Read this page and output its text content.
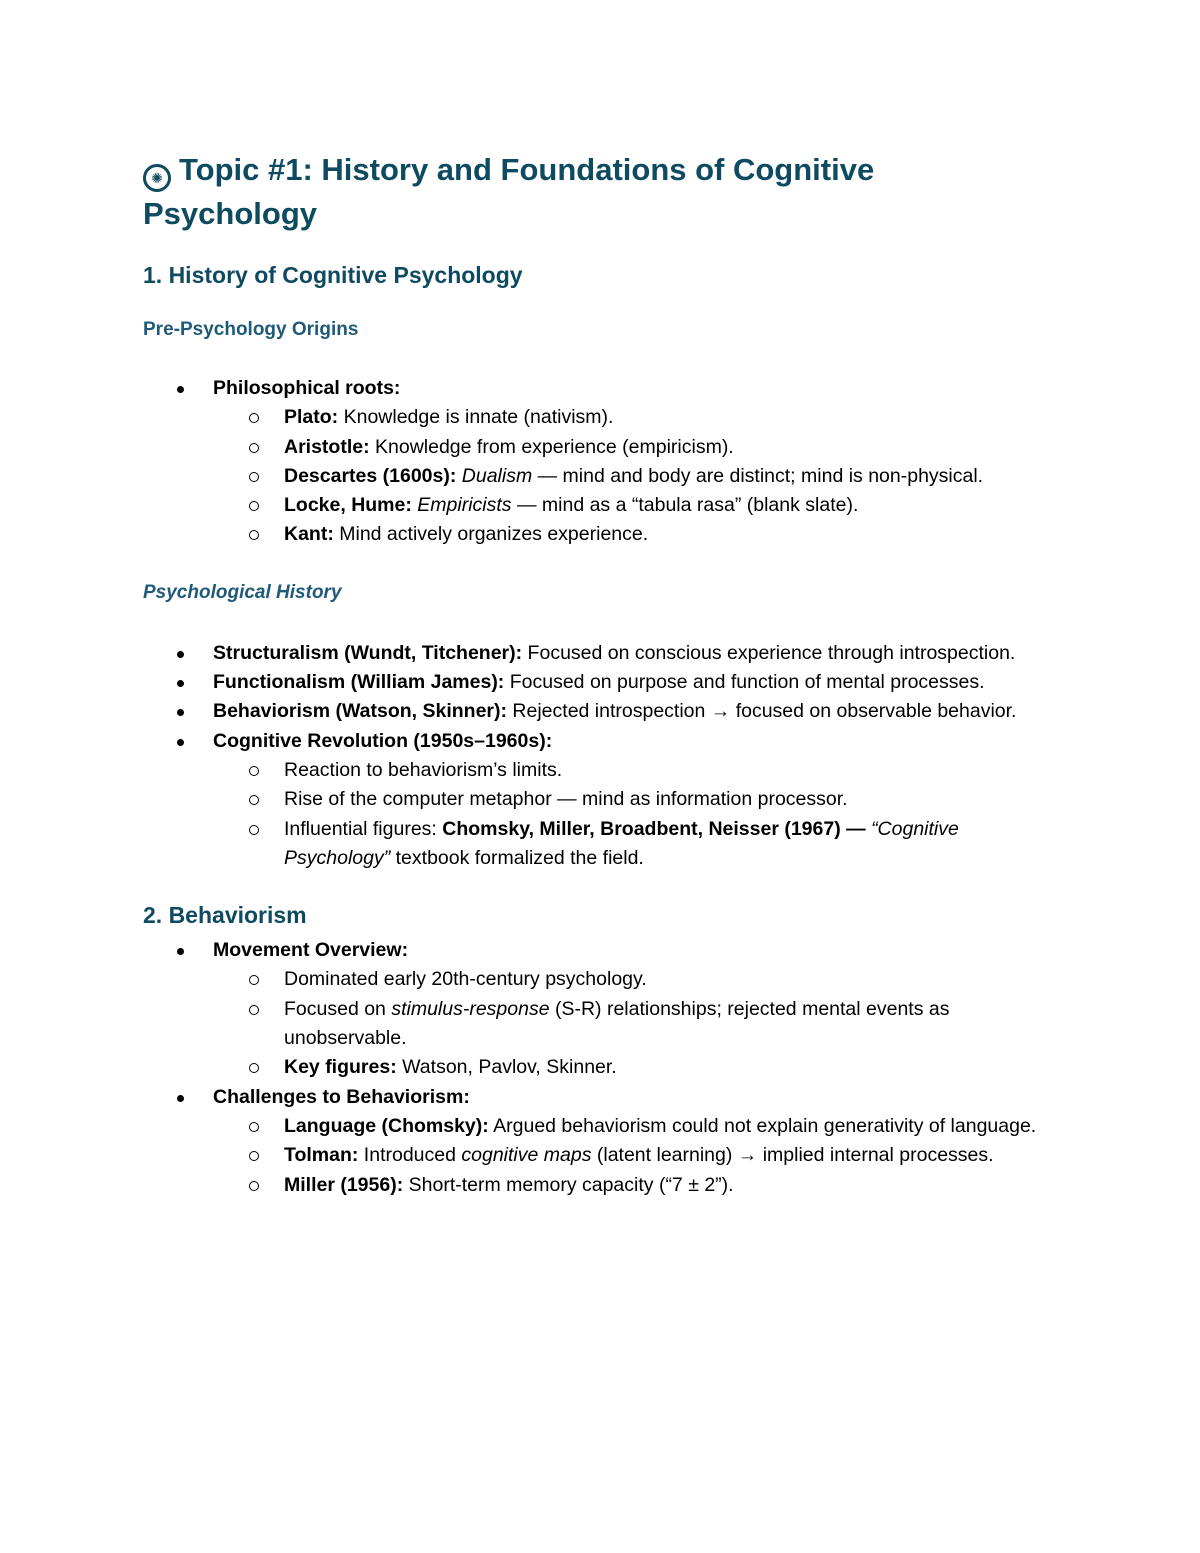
✺ Topic #1: History and Foundations of Cognitive
Psychology
1. History of Cognitive Psychology
Pre-Psychology Origins
Philosophical roots:
Plato: Knowledge is innate (nativism).
Aristotle: Knowledge from experience (empiricism).
Descartes (1600s): Dualism — mind and body are distinct; mind is non-physical.
Locke, Hume: Empiricists — mind as a “tabula rasa” (blank slate).
Kant: Mind actively organizes experience.
Psychological History
Structuralism (Wundt, Titchener): Focused on conscious experience through introspection.
Functionalism (William James): Focused on purpose and function of mental processes.
Behaviorism (Watson, Skinner): Rejected introspection → focused on observable behavior.
Cognitive Revolution (1950s–1960s):
Reaction to behaviorism’s limits.
Rise of the computer metaphor — mind as information processor.
Influential figures: Chomsky, Miller, Broadbent, Neisser (1967) — “Cognitive Psychology” textbook formalized the field.
2. Behaviorism
Movement Overview:
Dominated early 20th-century psychology.
Focused on stimulus-response (S-R) relationships; rejected mental events as unobservable.
Key figures: Watson, Pavlov, Skinner.
Challenges to Behaviorism:
Language (Chomsky): Argued behaviorism could not explain generativity of language.
Tolman: Introduced cognitive maps (latent learning) → implied internal processes.
Miller (1956): Short-term memory capacity (“7 ± 2”).
